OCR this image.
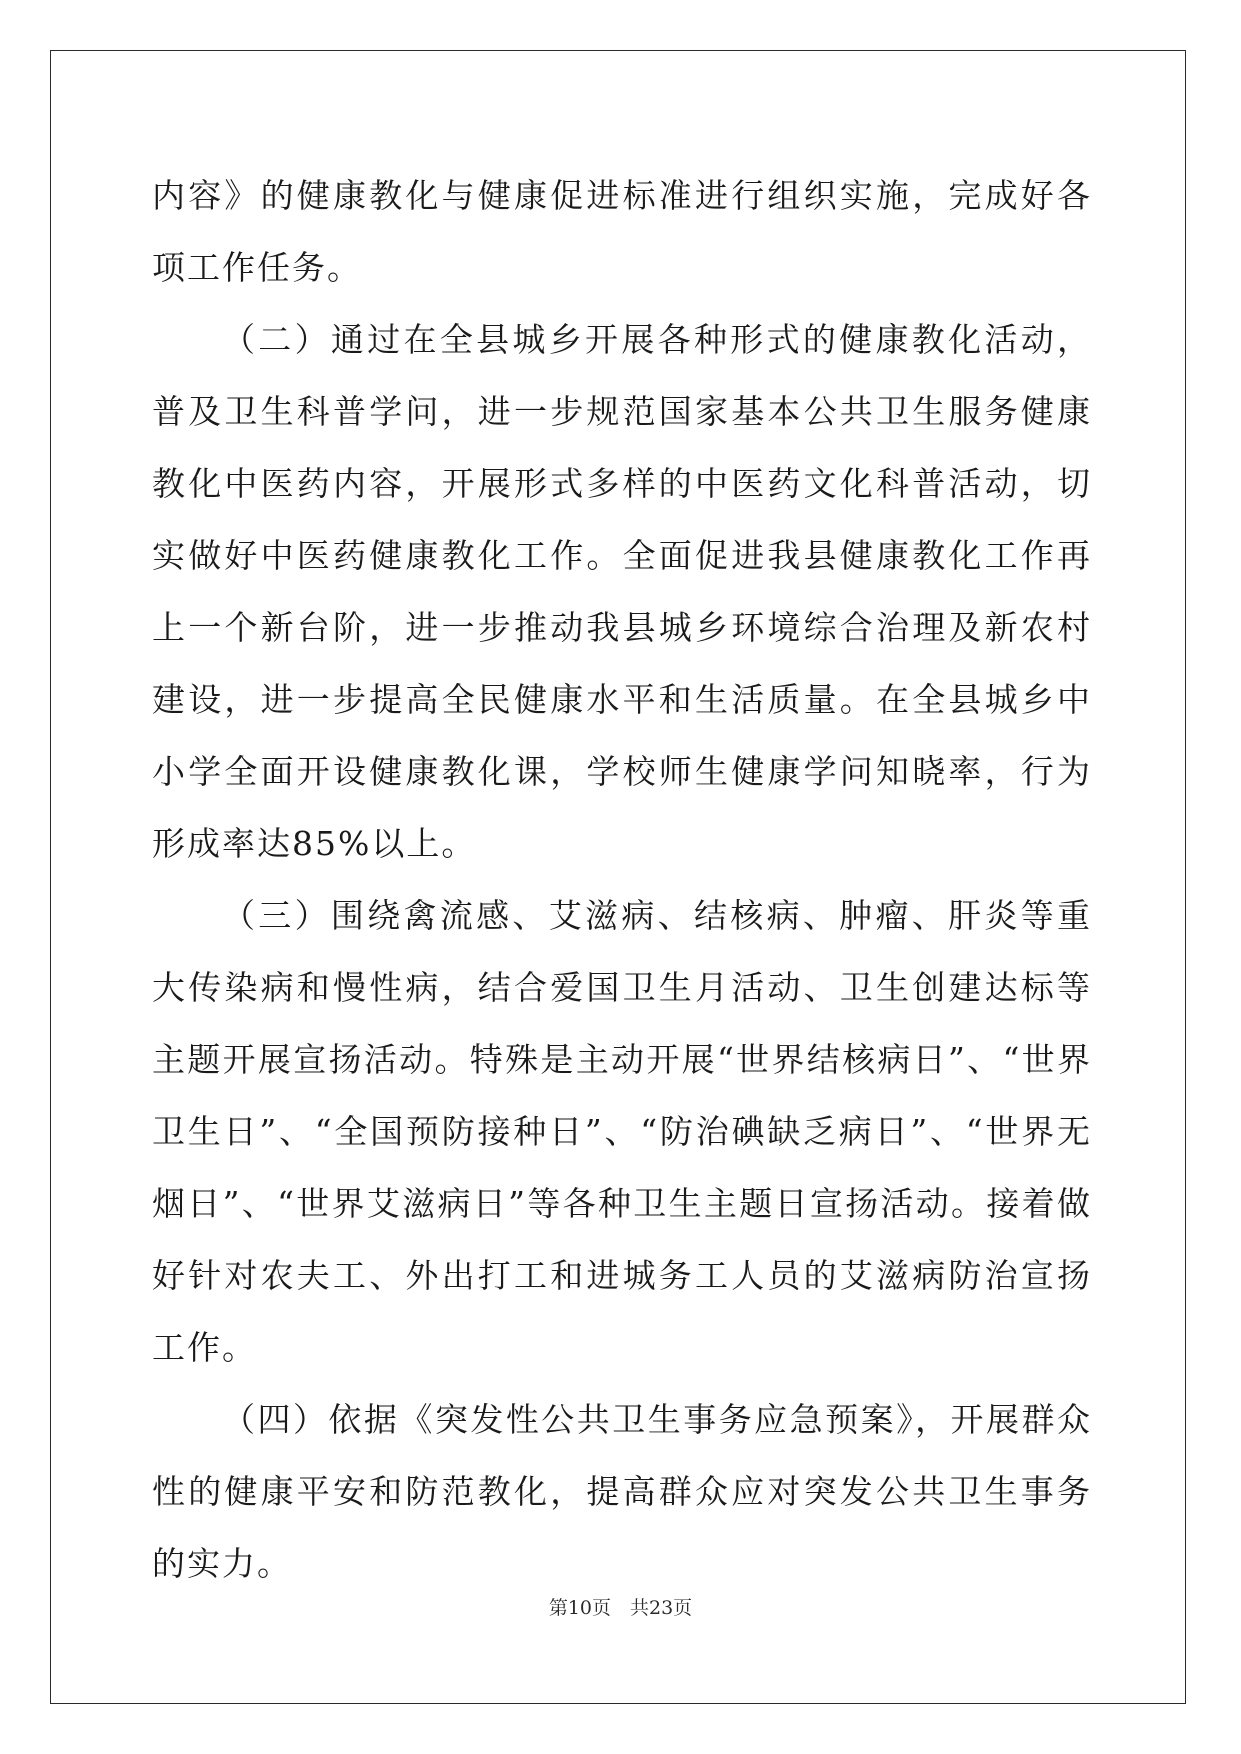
内容》的健康教化与健康促进标准进行组织实施，完成好各项工作任务。

（二）通过在全县城乡开展各种形式的健康教化活动，普及卫生科普学问，进一步规范国家基本公共卫生服务健康教化中医药内容，开展形式多样的中医药文化科普活动，切实做好中医药健康教化工作。全面促进我县健康教化工作再上一个新台阶，进一步推动我县城乡环境综合治理及新农村建设，进一步提高全民健康水平和生活质量。在全县城乡中小学全面开设健康教化课，学校师生健康学问知晓率，行为形成率达85%以上。

（三）围绕禽流感、艾滋病、结核病、肿瘤、肝炎等重大传染病和慢性病，结合爱国卫生月活动、卫生创建达标等主题开展宣扬活动。特殊是主动开展“世界结核病日”、“世界卫生日”、“全国预防接种日”、“防治碘缺乏病日”、“世界无烟日”、“世界艾滋病日”等各种卫生主题日宣扬活动。接着做好针对农夫工、外出打工和进城务工人员的艾滋病防治宣扬工作。

（四）依据《突发性公共卫生事务应急预案》，开展群众性的健康平安和防范教化，提高群众应对突发公共卫生事务的实力。

第10页　共23页
